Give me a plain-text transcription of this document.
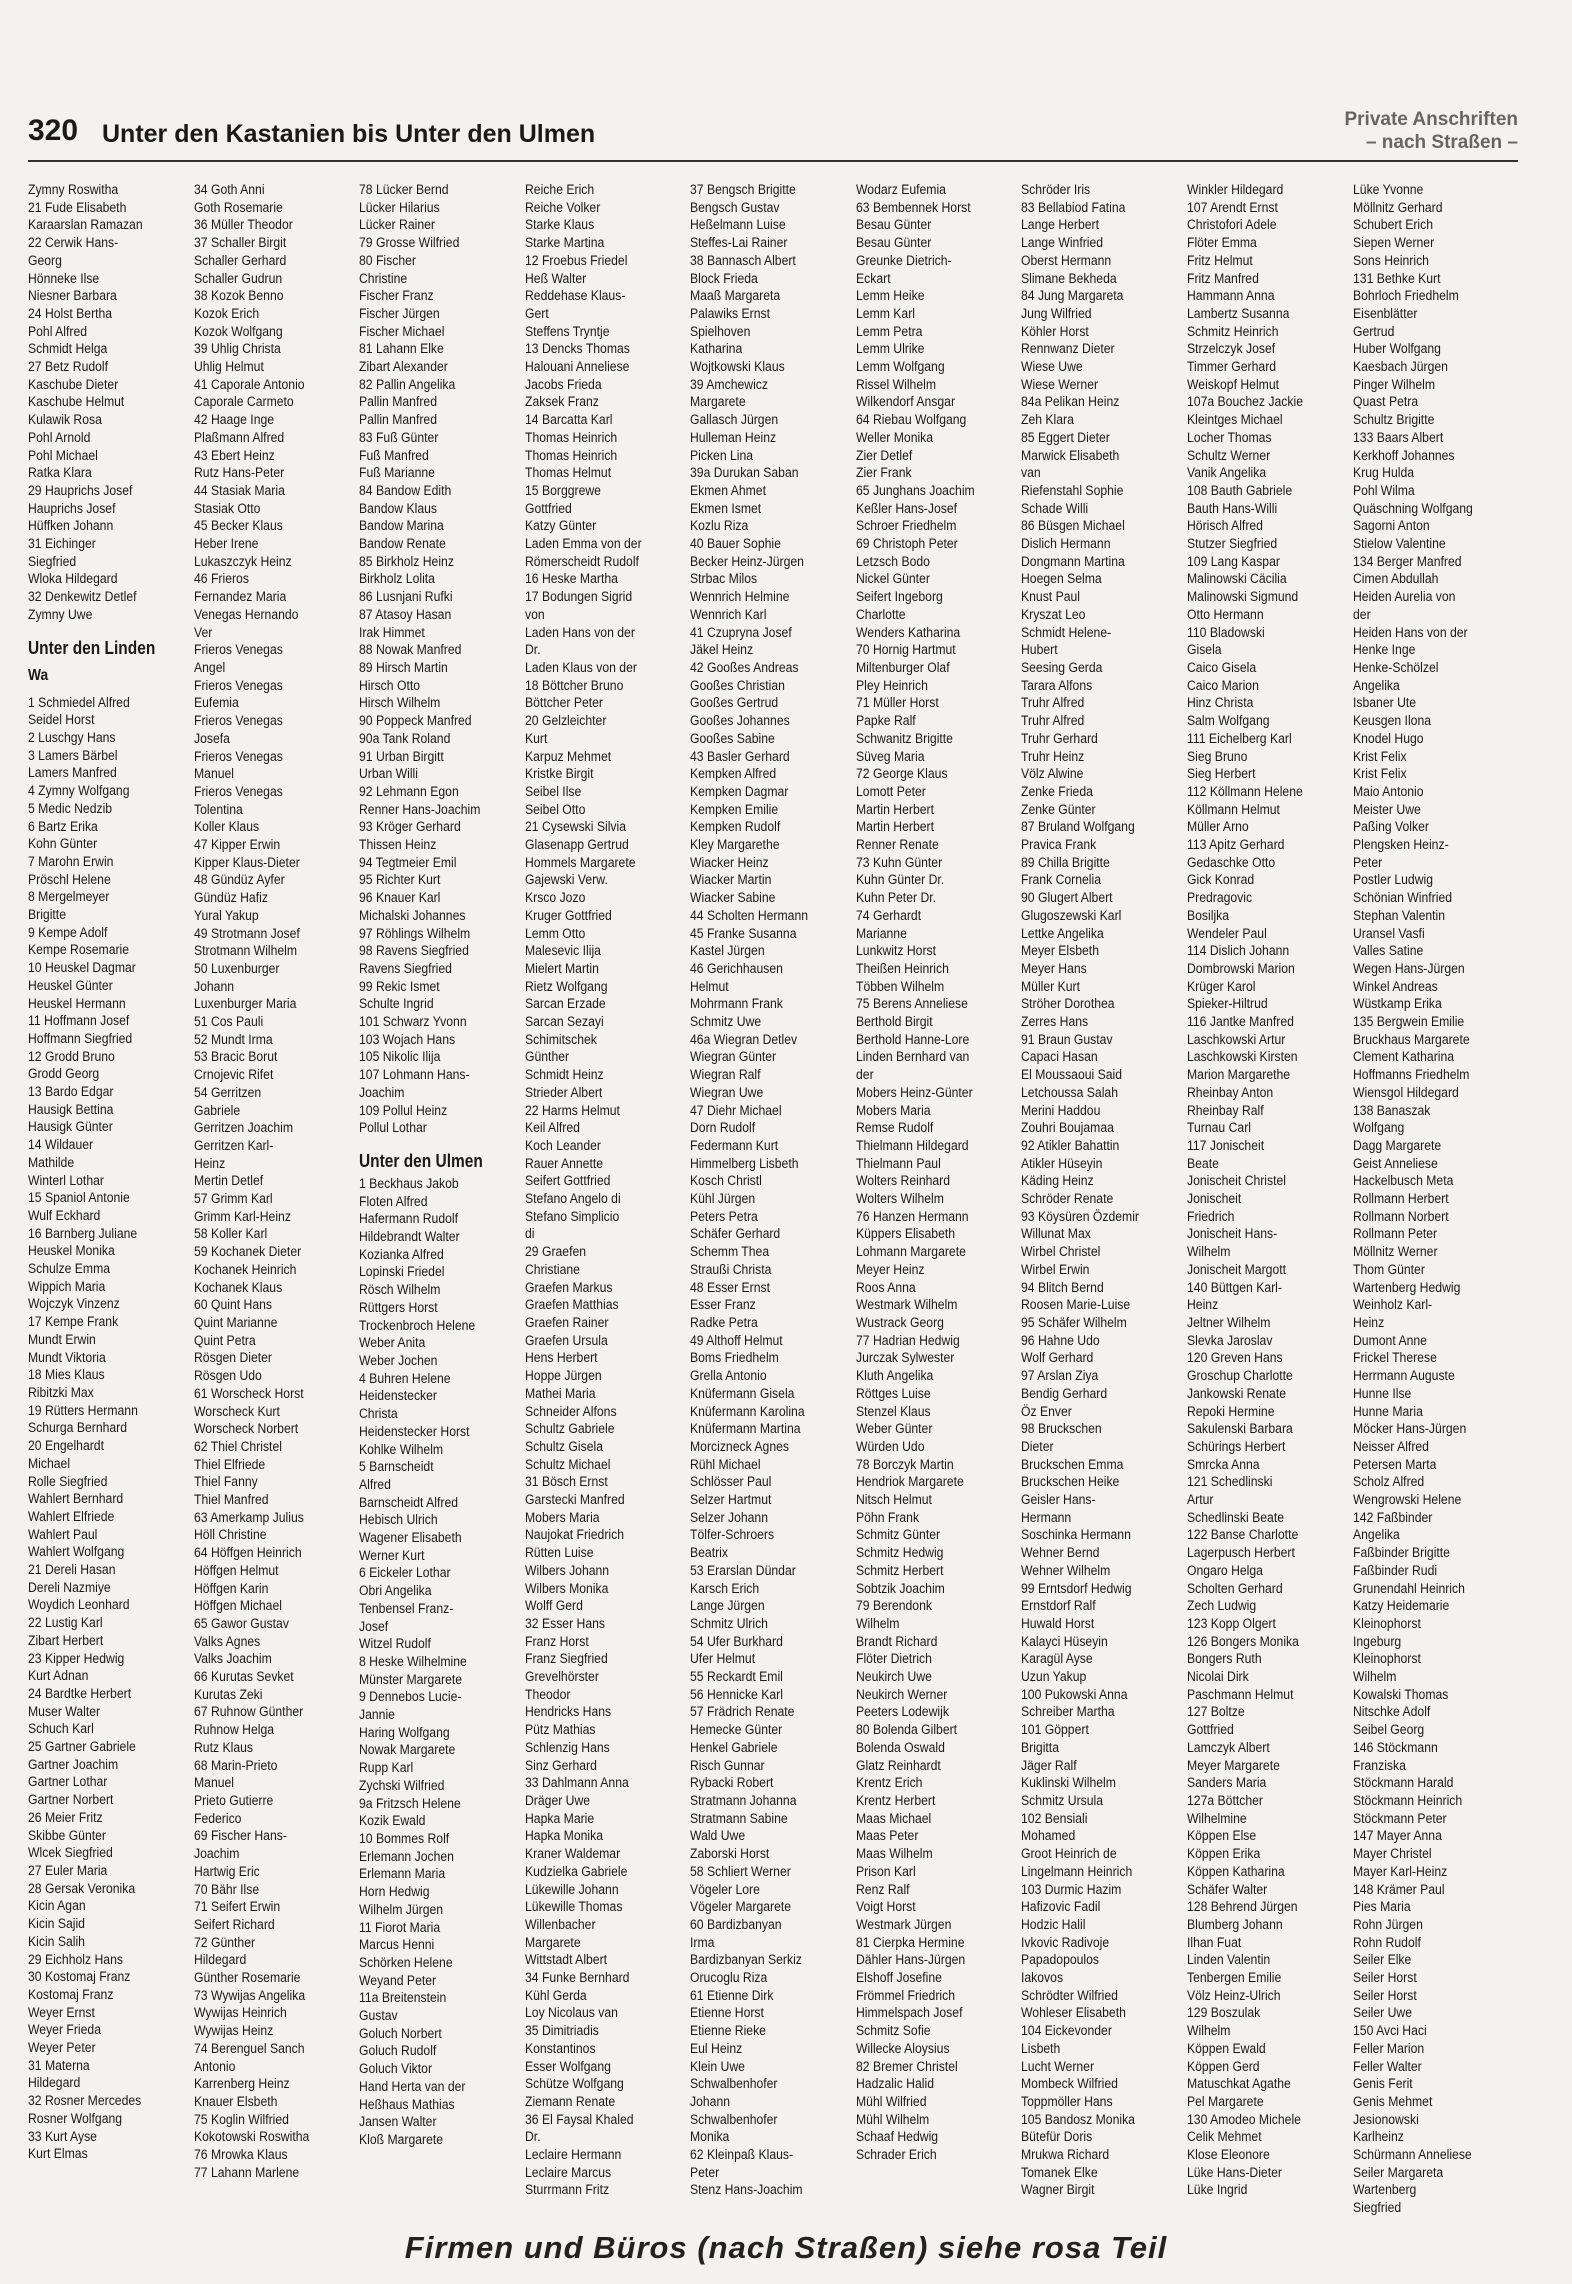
320 Unter den Kastanien bis Unter den Ulmen
Private Anschriften
– nach Straßen –
Zymny Roswitha
21 Fude Elisabeth
Karaarslan Ramazan
22 Cerwik Hans-
Georg
Hönneke Ilse
Niesner Barbara
24 Holst Bertha
Pohl Alfred
Schmidt Helga
27 Betz Rudolf
Kaschube Dieter
Kaschube Helmut
Kulawik Rosa
Pohl Arnold
Pohl Michael
Ratka Klara
29 Hauprichs Josef
Hauprichs Josef
Hüffken Johann
31 Eichinger
Siegfried
Wloka Hildegard
32 Denkewitz Detlef
Zymny Uwe
Unter den Linden
Wa
1 Schmiedel Alfred
Seidel Horst
2 Luschgy Hans
3 Lamers Bärbel
Lamers Manfred
4 Zymny Wolfgang
5 Medic Nedzib
6 Bartz Erika
Kohn Günter
7 Marohn Erwin
Pröschl Helene
8 Mergelmeyer
Brigitte
9 Kempe Adolf
Kempe Rosemarie
10 Heuskel Dagmar
Heuskel Günter
Heuskel Hermann
11 Hoffmann Josef
Hoffmann Siegfried
12 Grodd Bruno
Grodd Georg
13 Bardo Edgar
Hausigk Bettina
Hausigk Günter
14 Wildauer
Mathilde
Winterl Lothar
15 Spaniol Antonie
Wulf Eckhard
16 Barnberg Juliane
Heuskel Monika
Schulze Emma
Wippich Maria
Wojczyk Vinzenz
17 Kempe Frank
Mundt Erwin
Mundt Viktoria
18 Mies Klaus
Ribitzki Max
19 Rütters Hermann
Schurga Bernhard
20 Engelhardt
Michael
Rolle Siegfried
Wahlert Bernhard
Wahlert Elfriede
Wahlert Paul
Wahlert Wolfgang
21 Dereli Hasan
Dereli Nazmiye
Woydich Leonhard
22 Lustig Karl
Zibart Herbert
23 Kipper Hedwig
Kurt Adnan
24 Bardtke Herbert
Muser Walter
Schuch Karl
25 Gartner Gabriele
Gartner Joachim
Gartner Lothar
Gartner Norbert
26 Meier Fritz
Skibbe Günter
Wlcek Siegfried
27 Euler Maria
28 Gersak Veronika
Kicin Agan
Kicin Sajid
Kicin Salih
29 Eichholz Hans
30 Kostomaj Franz
Kostomaj Franz
Weyer Ernst
Weyer Frieda
Weyer Peter
31 Materna
Hildegard
32 Rosner Mercedes
Rosner Wolfgang
33 Kurt Ayse
Kurt Elmas
34 Goth Anni
Goth Rosemarie
36 Müller Theodor
37 Schaller Birgit
Schaller Gerhard
Schaller Gudrun
38 Kozok Benno
Kozok Erich
Kozok Wolfgang
39 Uhlig Christa
Uhlig Helmut
41 Caporale Antonio
Caporale Carmeto
42 Haage Inge
Plaßmann Alfred
43 Ebert Heinz
Rutz Hans-Peter
44 Stasiak Maria
Stasiak Otto
45 Becker Klaus
Heber Irene
Lukaszczyk Heinz
46 Frieros
Fernandez Maria
Venegas Hernando
Ver
Frieros Venegas
Angel
Frieros Venegas
Eufemia
Frieros Venegas
Josefa
Frieros Venegas
Manuel
Frieros Venegas
Tolentina
Koller Klaus
47 Kipper Erwin
Kipper Klaus-Dieter
48 Gündüz Ayfer
Gündüz Hafiz
Yural Yakup
49 Strotmann Josef
Strotmann Wilhelm
50 Luxenburger
Johann
Luxenburger Maria
51 Cos Pauli
52 Mundt Irma
53 Bracic Borut
Crnojevic Rifet
54 Gerritzen
Gabriele
Gerritzen Joachim
Gerritzen Karl-
Heinz
Mertin Detlef
57 Grimm Karl
Grimm Karl-Heinz
58 Koller Karl
59 Kochanek Dieter
Kochanek Heinrich
Kochanek Klaus
60 Quint Hans
Quint Marianne
Quint Petra
Rösgen Dieter
Rösgen Udo
61 Worscheck Horst
Worscheck Kurt
Worscheck Norbert
62 Thiel Christel
Thiel Elfriede
Thiel Fanny
Thiel Manfred
63 Amerkamp Julius
Höll Christine
64 Höffgen Heinrich
Höffgen Helmut
Höffgen Karin
Höffgen Michael
65 Gawor Gustav
Valks Agnes
Valks Joachim
66 Kurutas Sevket
Kurutas Zeki
67 Ruhnow Günther
Ruhnow Helga
Rutz Klaus
68 Marin-Prieto
Manuel
Prieto Gutierre
Federico
69 Fischer Hans-
Joachim
Hartwig Eric
70 Bähr Ilse
71 Seifert Erwin
Seifert Richard
72 Günther
Hildegard
Günther Rosemarie
73 Wywijas Angelika
Wywijas Heinrich
Wywijas Heinz
74 Berenguel Sanch
Antonio
Karrenberg Heinz
Knauer Elsbeth
75 Koglin Wilfried
Kokotowski Roswitha
76 Mrowka Klaus
77 Lahann Marlene
78 Lücker Bernd
Lücker Hilarius
Lücker Rainer
79 Grosse Wilfried
80 Fischer
Christine
Fischer Franz
Fischer Jürgen
Fischer Michael
81 Lahann Elke
Zibart Alexander
82 Pallin Angelika
Pallin Manfred
Pallin Manfred
83 Fuß Günter
Fuß Manfred
Fuß Marianne
84 Bandow Edith
Bandow Klaus
Bandow Marina
Bandow Renate
85 Birkholz Heinz
Birkholz Lolita
86 Lusnjani Rufki
87 Atasoy Hasan
Irak Himmet
88 Nowak Manfred
89 Hirsch Martin
Hirsch Otto
Hirsch Wilhelm
90 Poppeck Manfred
90a Tank Roland
91 Urban Birgitt
Urban Willi
92 Lehmann Egon
Renner Hans-Joachim
93 Kröger Gerhard
Thissen Heinz
94 Tegtmeier Emil
95 Richter Kurt
96 Knauer Karl
Michalski Johannes
97 Röhlings Wilhelm
98 Ravens Siegfried
Ravens Siegfried
99 Rekic Ismet
Schulte Ingrid
101 Schwarz Yvonn
103 Wojach Hans
105 Nikolic Ilija
107 Lohmann Hans-
Joachim
109 Pollul Heinz
Pollul Lothar
Unter den Ulmen
1 Beckhaus Jakob
Floten Alfred
Hafermann Rudolf
Hildebrandt Walter
Kozianka Alfred
Lopinski Friedel
Rösch Wilhelm
Rüttgers Horst
Trockenbroch Helene
Weber Anita
Weber Jochen
4 Buhren Helene
Heidenstecker
Christa
Heidenstecker Horst
Kohlke Wilhelm
5 Barnscheidt
Alfred
Barnscheidt Alfred
Hebisch Ulrich
Wagener Elisabeth
Werner Kurt
6 Eickeler Lothar
Obri Angelika
Tenbensel Franz-
Josef
Witzel Rudolf
8 Heske Wilhelmine
Münster Margarete
9 Dennebos Lucie-
Jannie
Haring Wolfgang
Nowak Margarete
Rupp Karl
Zychski Wilfried
9a Fritzsch Helene
Kozik Ewald
10 Bommes Rolf
Erlemann Jochen
Erlemann Maria
Horn Hedwig
Wilhelm Jürgen
11 Fiorot Maria
Marcus Henni
Schörken Helene
Weyand Peter
11a Breitenstein
Gustav
Goluch Norbert
Goluch Rudolf
Goluch Viktor
Hand Herta van der
Heßhaus Mathias
Jansen Walter
Kloß Margarete
Reiche Erich
Reiche Volker
Starke Klaus
Starke Martina
12 Froebus Friedel
Heß Walter
Reddehase Klaus-
Gert
Steffens Tryntje
13 Dencks Thomas
Halouani Anneliese
Jacobs Frieda
Zaksek Franz
14 Barcatta Karl
Thomas Heinrich
Thomas Heinrich
Thomas Helmut
15 Borggrewe
Gottfried
Katzy Günter
Laden Emma von der
Römerscheidt Rudolf
16 Heske Martha
17 Bodungen Sigrid
von
Laden Hans von der
Dr.
Laden Klaus von der
18 Böttcher Bruno
Böttcher Peter
20 Gelzleichter
Kurt
Karpuz Mehmet
Kristke Birgit
Seibel Ilse
Seibel Otto
21 Cysewski Silvia
Glasenapp Gertrud
Hommels Margarete
Gajewski Verw.
Krsco Jozo
Kruger Gottfried
Lemm Otto
Malesevic Ilija
Mielert Martin
Rietz Wolfgang
Sarcan Erzade
Sarcan Sezayi
Schimitschek
Günther
Schmidt Heinz
Strieder Albert
22 Harms Helmut
Keil Alfred
Koch Leander
Rauer Annette
Seifert Gottfried
Stefano Angelo di
Stefano Simplicio
di
29 Graefen
Christiane
Graefen Markus
Graefen Matthias
Graefen Rainer
Graefen Ursula
Hens Herbert
Hoppe Jürgen
Mathei Maria
Schneider Alfons
Schultz Gabriele
Schultz Gisela
Schultz Michael
31 Bösch Ernst
Garstecki Manfred
Mobers Maria
Naujokat Friedrich
Rütten Luise
Wilbers Johann
Wilbers Monika
Wolff Gerd
32 Esser Hans
Franz Horst
Franz Siegfried
Grevelhörster
Theodor
Hendricks Hans
Pütz Mathias
Schlenzig Hans
Sinz Gerhard
33 Dahlmann Anna
Dräger Uwe
Hapka Marie
Hapka Monika
Kraner Waldemar
Kudzielka Gabriele
Lükewille Johann
Lükewille Thomas
Willenbacher
Margarete
Wittstadt Albert
34 Funke Bernhard
Kühl Gerda
Loy Nicolaus van
35 Dimitriadis
Konstantinos
Esser Wolfgang
Schütze Wolfgang
Ziemann Renate
36 El Faysal Khaled
Dr.
Leclaire Hermann
Leclaire Marcus
Sturrmann Fritz
37 Bengsch Brigitte
Bengsch Gustav
Heßelmann Luise
Steffes-Lai Rainer
38 Bannasch Albert
Block Frieda
Maaß Margareta
Palawiks Ernst
Spielhoven
Katharina
Wojtkowski Klaus
39 Amchewicz
Margarete
Gallasch Jürgen
Hulleman Heinz
Picken Lina
39a Durukan Saban
Ekmen Ahmet
Ekmen Ismet
Kozlu Riza
40 Bauer Sophie
Becker Heinz-Jürgen
Strbac Milos
Wennrich Helmine
Wennrich Karl
41 Czupryna Josef
Jäkel Heinz
42 Gooßes Andreas
Gooßes Christian
Gooßes Gertrud
Gooßes Johannes
Gooßes Sabine
43 Basler Gerhard
Kempken Alfred
Kempken Dagmar
Kempken Emilie
Kempken Rudolf
Kley Margarethe
Wiacker Heinz
Wiacker Martin
Wiacker Sabine
44 Scholten Hermann
45 Franke Susanna
Kastel Jürgen
46 Gerichhausen
Helmut
Mohrmann Frank
Schmitz Uwe
46a Wiegran Detlev
Wiegran Günter
Wiegran Ralf
Wiegran Uwe
47 Diehr Michael
Dorn Rudolf
Federmann Kurt
Himmelberg Lisbeth
Kosch Christl
Kühl Jürgen
Peters Petra
Schäfer Gerhard
Schemm Thea
Straußi Christa
48 Esser Ernst
Esser Franz
Radke Petra
49 Althoff Helmut
Boms Friedhelm
Grella Antonio
Knüfermann Gisela
Knüfermann Karolina
Knüfermann Martina
Morcizneck Agnes
Rühl Michael
Schlösser Paul
Selzer Hartmut
Selzer Johann
Tölfer-Schroers
Beatrix
53 Erarslan Dündar
Karsch Erich
Lange Jürgen
Schmitz Ulrich
54 Ufer Burkhard
Ufer Helmut
55 Reckardt Emil
56 Hennicke Karl
57 Frädrich Renate
Hemecke Günter
Henkel Gabriele
Risch Gunnar
Rybacki Robert
Stratmann Johanna
Stratmann Sabine
Wald Uwe
Zaborski Horst
58 Schliert Werner
Vögeler Lore
Vögeler Margarete
60 Bardizbanyan
Irma
Bardizbanyan Serkiz
Orucoglu Riza
61 Etienne Dirk
Etienne Horst
Etienne Rieke
Eul Heinz
Klein Uwe
Schwalbenhofer
Johann
Schwalbenhofer
Monika
62 Kleinpaß Klaus-
Peter
Stenz Hans-Joachim
Wodarz Eufemia
63 Bembennek Horst
Besau Günter
Besau Günter
Greunke Dietrich-
Eckart
Lemm Heike
Lemm Karl
Lemm Petra
Lemm Ulrike
Lemm Wolfgang
Rissel Wilhelm
Wilkendorf Ansgar
64 Riebau Wolfgang
Weller Monika
Zier Detlef
Zier Frank
65 Junghans Joachim
Keßler Hans-Josef
Schroer Friedhelm
69 Christoph Peter
Letzsch Bodo
Nickel Günter
Seifert Ingeborg
Charlotte
Wenders Katharina
70 Hornig Hartmut
Miltenburger Olaf
Pley Heinrich
71 Müller Horst
Papke Ralf
Schwanitz Brigitte
Süveg Maria
72 George Klaus
Lomott Peter
Martin Herbert
Martin Herbert
Renner Renate
73 Kuhn Günter
Kuhn Günter Dr.
Kuhn Peter Dr.
74 Gerhardt
Marianne
Lunkwitz Horst
Theißen Heinrich
Többen Wilhelm
75 Berens Anneliese
Berthold Birgit
Berthold Hanne-Lore
Linden Bernhard van
der
Mobers Heinz-Günter
Mobers Maria
Remse Rudolf
Thielmann Hildegard
Thielmann Paul
Wolters Reinhard
Wolters Wilhelm
76 Hanzen Hermann
Küppers Elisabeth
Lohmann Margarete
Meyer Heinz
Roos Anna
Westmark Wilhelm
Wustrack Georg
77 Hadrian Hedwig
Jurczak Sylwester
Kluth Angelika
Röttges Luise
Stenzel Klaus
Weber Günter
Würden Udo
78 Borczyk Martin
Hendriok Margarete
Nitsch Helmut
Pöhn Frank
Schmitz Günter
Schmitz Hedwig
Schmitz Herbert
Sobtzik Joachim
79 Berendonk
Wilhelm
Brandt Richard
Flöter Dietrich
Neukirch Uwe
Neukirch Werner
Peeters Lodewijk
80 Bolenda Gilbert
Bolenda Oswald
Glatz Reinhardt
Krentz Erich
Krentz Herbert
Maas Michael
Maas Peter
Maas Wilhelm
Prison Karl
Renz Ralf
Voigt Horst
Westmark Jürgen
81 Cierpka Hermine
Dähler Hans-Jürgen
Elshoff Josefine
Frömmel Friedrich
Himmelspach Josef
Schmitz Sofie
Willecke Aloysius
82 Bremer Christel
Hadzalic Halid
Mühl Wilfried
Mühl Wilhelm
Schaaf Hedwig
Schrader Erich
Schröder Iris
83 Bellabiod Fatina
Lange Herbert
Lange Winfried
Oberst Hermann
Slimane Bekheda
84 Jung Margareta
Jung Wilfried
Köhler Horst
Rennwanz Dieter
Wiese Uwe
Wiese Werner
84a Pelikan Heinz
Zeh Klara
85 Eggert Dieter
Marwick Elisabeth
van
Riefenstahl Sophie
Schade Willi
86 Büsgen Michael
Dislich Hermann
Dongmann Martina
Hoegen Selma
Knust Paul
Kryszat Leo
Schmidt Helene-
Hubert
Seesing Gerda
Tarara Alfons
Truhr Alfred
Truhr Alfred
Truhr Gerhard
Truhr Heinz
Völz Alwine
Zenke Frieda
Zenke Günter
87 Bruland Wolfgang
Pravica Frank
89 Chilla Brigitte
Frank Cornelia
90 Glugert Albert
Glugoszewski Karl
Lettke Angelika
Meyer Elsbeth
Meyer Hans
Müller Kurt
Ströher Dorothea
Zerres Hans
91 Braun Gustav
Capaci Hasan
El Moussaoui Said
Letchoussa Salah
Merini Haddou
Zouhri Boujamaa
92 Atikler Bahattin
Atikler Hüseyin
Käding Heinz
Schröder Renate
93 Köysüren Özdemir
Willunat Max
Wirbel Christel
Wirbel Erwin
94 Blitch Bernd
Roosen Marie-Luise
95 Schäfer Wilhelm
96 Hahne Udo
Wolf Gerhard
97 Arslan Ziya
Bendig Gerhard
Öz Enver
98 Bruckschen
Dieter
Bruckschen Emma
Bruckschen Heike
Geisler Hans-
Hermann
Soschinka Hermann
Wehner Bernd
Wehner Wilhelm
99 Erntsdorf Hedwig
Ernstdorf Ralf
Huwald Horst
Kalayci Hüseyin
Karagül Ayse
Uzun Yakup
100 Pukowski Anna
Schreiber Martha
101 Göppert
Brigitta
Jäger Ralf
Kuklinski Wilhelm
Schmitz Ursula
102 Bensiali
Mohamed
Groot Heinrich de
Lingelmann Heinrich
103 Durmic Hazim
Hafizovic Fadil
Hodzic Halil
Ivkovic Radivoje
Papadopoulos
Iakovos
Schrödter Wilfried
Wohleser Elisabeth
104 Eickevonder
Lisbeth
Lucht Werner
Mombeck Wilfried
Toppmöller Hans
105 Bandosz Monika
Bütefür Doris
Mrukwa Richard
Tomanek Elke
Wagner Birgit
Winkler Hildegard
107 Arendt Ernst
Christofori Adele
Flöter Emma
Fritz Helmut
Fritz Manfred
Hammann Anna
Lambertz Susanna
Schmitz Heinrich
Strzelczyk Josef
Timmer Gerhard
Weiskopf Helmut
107a Bouchez Jackie
Kleintges Michael
Locher Thomas
Schultz Werner
Vanik Angelika
108 Bauth Gabriele
Bauth Hans-Willi
Hörisch Alfred
Stutzer Siegfried
109 Lang Kaspar
Malinowski Cäcilia
Malinowski Sigmund
Otto Hermann
110 Bladowski
Gisela
Caico Gisela
Caico Marion
Hinz Christa
Salm Wolfgang
111 Eichelberg Karl
Sieg Bruno
Sieg Herbert
112 Köllmann Helene
Köllmann Helmut
Müller Arno
113 Apitz Gerhard
Gedaschke Otto
Gick Konrad
Predragovic
Bosiljka
Wendeler Paul
114 Dislich Johann
Dombrowski Marion
Krüger Karol
Spieker-Hiltrud
116 Jantke Manfred
Laschkowski Artur
Laschkowski Kirsten
Marion Margarethe
Rheinbay Anton
Rheinbay Ralf
Turnau Carl
117 Jonischeit
Beate
Jonischeit Christel
Jonischeit
Friedrich
Jonischeit Hans-
Wilhelm
Jonischeit Margott
140 Büttgen Karl-
Heinz
Jeltner Wilhelm
Slevka Jaroslav
120 Greven Hans
Groschup Charlotte
Jankowski Renate
Repoki Hermine
Sakulenski Barbara
Schürings Herbert
Smrcka Anna
121 Schedlinski
Artur
Schedlinski Beate
122 Banse Charlotte
Lagerpusch Herbert
Ongaro Helga
Scholten Gerhard
Zech Ludwig
123 Kopp Olgert
126 Bongers Monika
Bongers Ruth
Nicolai Dirk
Paschmann Helmut
127 Boltze
Gottfried
Lamczyk Albert
Meyer Margarete
Sanders Maria
127a Böttcher
Wilhelmine
Köppen Else
Köppen Erika
Köppen Katharina
Schäfer Walter
128 Behrend Jürgen
Blumberg Johann
Ilhan Fuat
Linden Valentin
Tenbergen Emilie
Völz Heinz-Ulrich
129 Boszulak
Wilhelm
Köppen Ewald
Köppen Gerd
Matuschkat Agathe
Pel Margarete
130 Amodeo Michele
Celik Mehmet
Klose Eleonore
Lüke Hans-Dieter
Lüke Ingrid
Lüke Yvonne
Möllnitz Gerhard
Schubert Erich
Siepen Werner
Sons Heinrich
131 Bethke Kurt
Bohrloch Friedhelm
Eisenblätter
Gertrud
Huber Wolfgang
Kaesbach Jürgen
Pinger Wilhelm
Quast Petra
Schultz Brigitte
133 Baars Albert
Kerkhoff Johannes
Krug Hulda
Pohl Wilma
Quäschning Wolfgang
Sagorni Anton
Stielow Valentine
134 Berger Manfred
Cimen Abdullah
Heiden Aurelia von
der
Heiden Hans von der
Henke Inge
Henke-Schölzel
Angelika
Isbaner Ute
Keusgen Ilona
Knodel Hugo
Krist Felix
Krist Felix
Maio Antonio
Meister Uwe
Paßing Volker
Plengsken Heinz-
Peter
Postler Ludwig
Schönian Winfried
Stephan Valentin
Uransel Vasfi
Valles Satine
Wegen Hans-Jürgen
Winkel Andreas
Wüstkamp Erika
135 Bergwein Emilie
Bruckhaus Margarete
Clement Katharina
Hoffmanns Friedhelm
Wiensgol Hildegard
138 Banaszak
Wolfgang
Dagg Margarete
Geist Anneliese
Hackelbusch Meta
Rollmann Herbert
Rollmann Norbert
Rollmann Peter
Möllnitz Werner
Thom Günter
Wartenberg Hedwig
Weinholz Karl-
Heinz
Dumont Anne
Frickel Therese
Herrmann Auguste
Hunne Ilse
Hunne Maria
Möcker Hans-Jürgen
Neisser Alfred
Petersen Marta
Scholz Alfred
Wengrowski Helene
142 Faßbinder
Angelika
Faßbinder Brigitte
Faßbinder Rudi
Grunendahl Heinrich
Katzy Heidemarie
Kleinophorst
Ingeburg
Kleinophorst
Wilhelm
Kowalski Thomas
Nitschke Adolf
Seibel Georg
146 Stöckmann
Franziska
Stöckmann Harald
Stöckmann Heinrich
Stöckmann Peter
147 Mayer Anna
Mayer Christel
Mayer Karl-Heinz
148 Krämer Paul
Pies Maria
Rohn Jürgen
Rohn Rudolf
Seiler Elke
Seiler Horst
Seiler Horst
Seiler Uwe
150 Avci Haci
Feller Marion
Feller Walter
Genis Ferit
Genis Mehmet
Jesionowski
Karlheinz
Schürmann Anneliese
Seiler Margareta
Wartenberg
Siegfried
Firmen und Büros (nach Straßen) siehe rosa Teil
